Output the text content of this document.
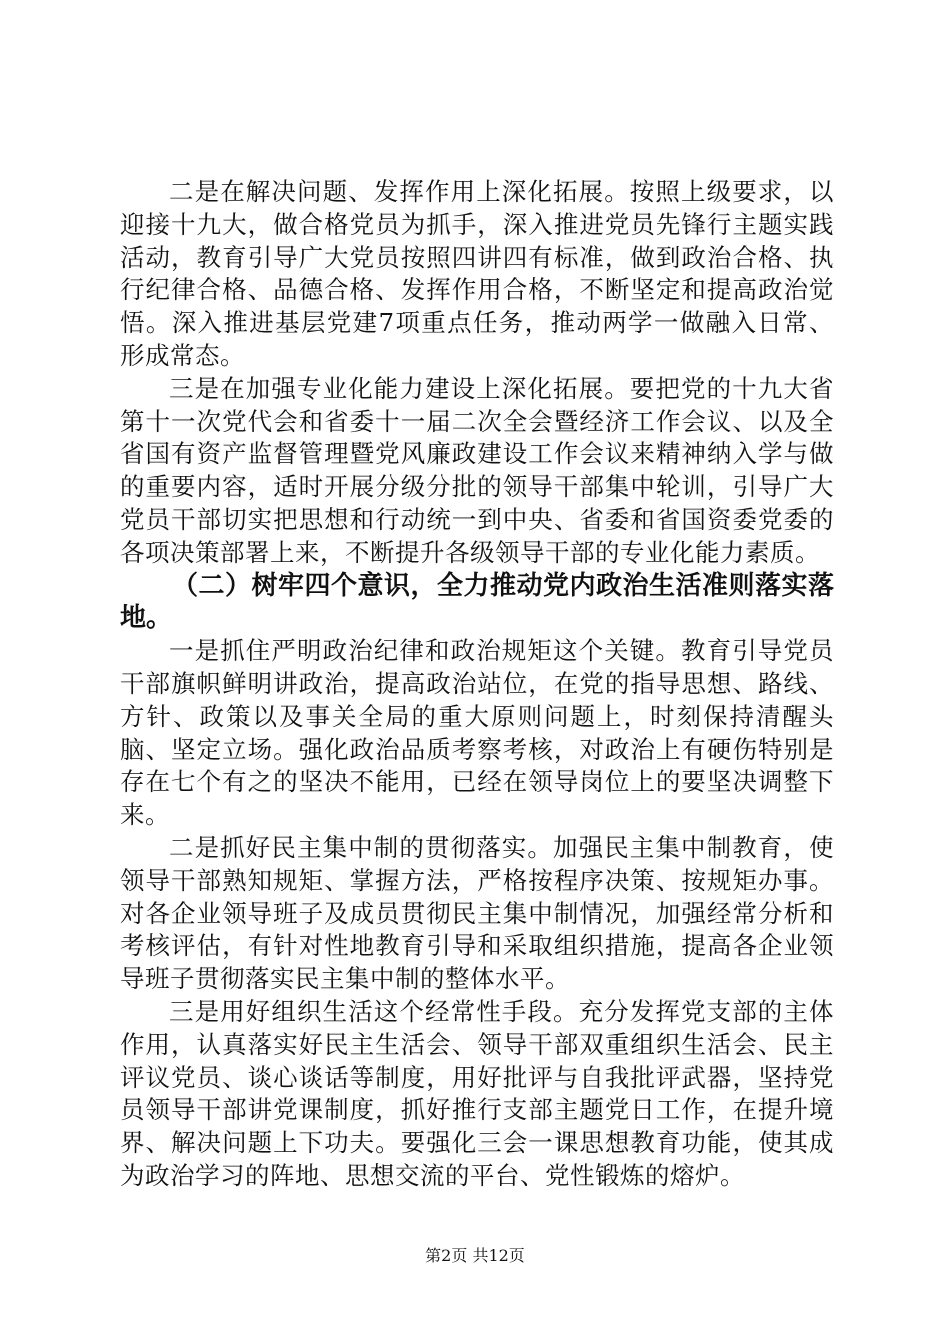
二是在解决问题、发挥作用上深化拓展。按照上级要求，以迎接十九大，做合格党员为抓手，深入推进党员先锋行主题实践活动，教育引导广大党员按照四讲四有标准，做到政治合格、执行纪律合格、品德合格、发挥作用合格，不断坚定和提高政治觉悟。深入推进基层党建7项重点任务，推动两学一做融入日常、形成常态。

三是在加强专业化能力建设上深化拓展。要把党的十九大省第十一次党代会和省委十一届二次全会暨经济工作会议、以及全省国有资产监督管理暨党风廉政建设工作会议来精神纳入学与做的重要内容，适时开展分级分批的领导干部集中轮训，引导广大党员干部切实把思想和行动统一到中央、省委和省国资委党委的各项决策部署上来，不断提升各级领导干部的专业化能力素质。

（二）树牢四个意识，全力推动党内政治生活准则落实落地。

一是抓住严明政治纪律和政治规矩这个关键。教育引导党员干部旗帜鲜明讲政治，提高政治站位，在党的指导思想、路线、方针、政策以及事关全局的重大原则问题上，时刻保持清醒头脑、坚定立场。强化政治品质考察考核，对政治上有硬伤特别是存在七个有之的坚决不能用，已经在领导岗位上的要坚决调整下来。

二是抓好民主集中制的贯彻落实。加强民主集中制教育，使领导干部熟知规矩、掌握方法，严格按程序决策、按规矩办事。对各企业领导班子及成员贯彻民主集中制情况，加强经常分析和考核评估，有针对性地教育引导和采取组织措施，提高各企业领导班子贯彻落实民主集中制的整体水平。

三是用好组织生活这个经常性手段。充分发挥党支部的主体作用，认真落实好民主生活会、领导干部双重组织生活会、民主评议党员、谈心谈话等制度，用好批评与自我批评武器，坚持党员领导干部讲党课制度，抓好推行支部主题党日工作，在提升境界、解决问题上下功夫。要强化三会一课思想教育功能，使其成为政治学习的阵地、思想交流的平台、党性锻炼的熔炉。

第2页 共12页
